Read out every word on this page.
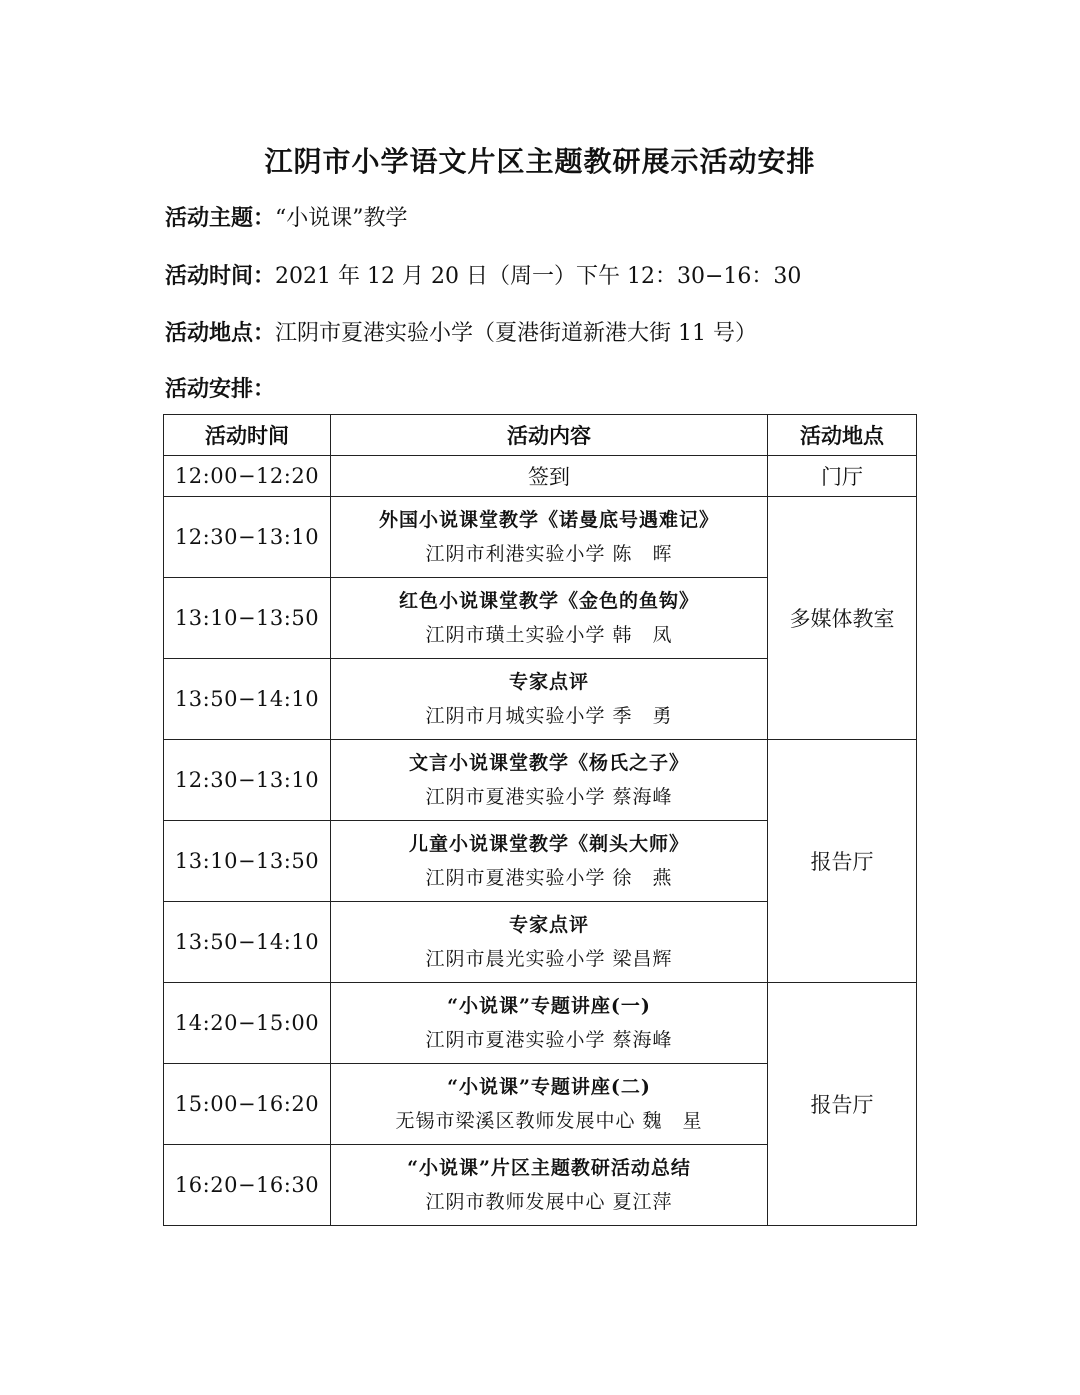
江阴市小学语文片区主题教研展示活动安排
活动主题：“小说课”教学
活动时间：2021 年 12 月 20 日（周一）下午 12：30−16：30
活动地点：江阴市夏港实验小学（夏港街道新港大街 11 号）
活动安排：
活动时间	活动内容	活动地点
12:00−12:20	签到	门厅
12:30−13:10	外国小说课堂教学《诺曼底号遇难记》
江阴市利港实验小学 陈　晖	多媒体教室
13:10−13:50	红色小说课堂教学《金色的鱼钩》
江阴市璜土实验小学 韩　凤	

13:50−14:10	专家点评
江阴市月城实验小学 季　勇	

12:30−13:10	文言小说课堂教学《杨氏之子》
江阴市夏港实验小学 蔡海峰	报告厅
13:10−13:50	儿童小说课堂教学《剃头大师》
江阴市夏港实验小学 徐　燕	

13:50−14:10	专家点评
江阴市晨光实验小学 梁昌辉	

14:20−15:00	“小说课”专题讲座(一)
江阴市夏港实验小学 蔡海峰	报告厅
15:00−16:20	“小说课”专题讲座(二)
无锡市梁溪区教师发展中心 魏　星	

16:20−16:30	“小说课”片区主题教研活动总结
江阴市教师发展中心 夏江萍	
